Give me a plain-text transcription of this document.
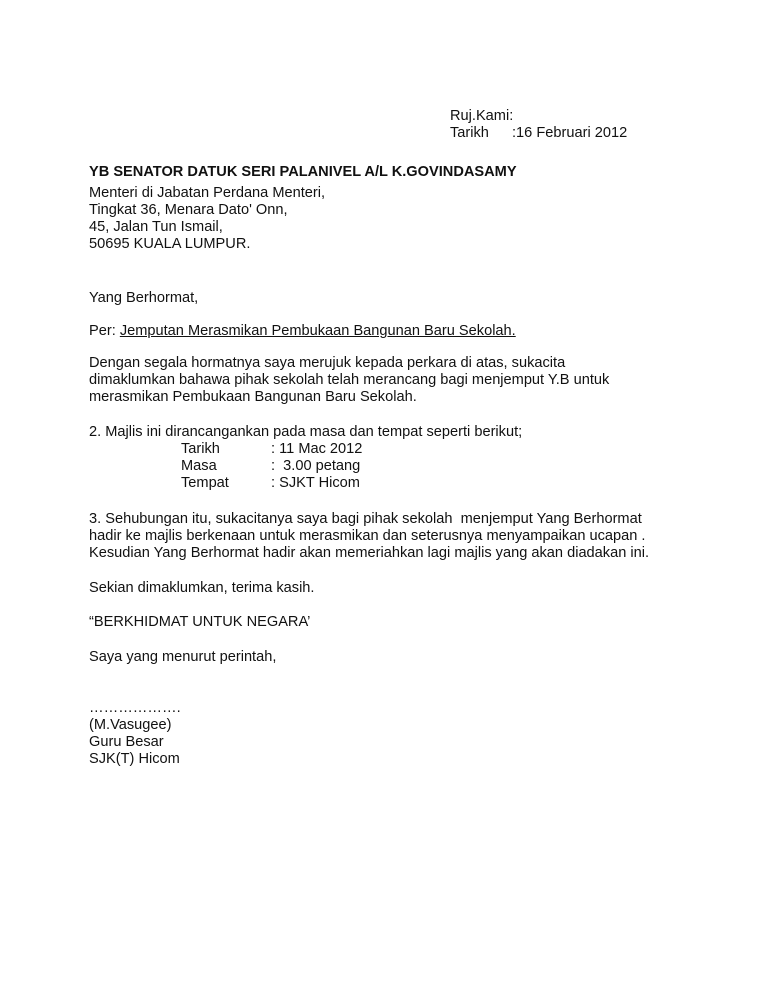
Ruj.Kami:
Tarikh :16 Februari 2012
YB SENATOR DATUK SERI PALANIVEL A/L K.GOVINDASAMY
Menteri di Jabatan Perdana Menteri,
Tingkat 36, Menara Dato' Onn,
45, Jalan Tun Ismail,
50695 KUALA LUMPUR.
Yang Berhormat,
Per: Jemputan Merasmikan Pembukaan Bangunan Baru Sekolah.
Dengan segala hormatnya saya merujuk kepada perkara di atas, sukacita
dimaklumkan bahawa pihak sekolah telah merancang bagi menjemput Y.B untuk
merasmikan Pembukaan Bangunan Baru Sekolah.
2. Majlis ini dirancangankan pada masa dan tempat seperti berikut;
Tarikh	: 11 Mac 2012
Masa	:  3.00 petang
Tempat	: SJKT Hicom
3. Sehubungan itu, sukacitanya saya bagi pihak sekolah  menjemput Yang Berhormat
hadir ke majlis berkenaan untuk merasmikan dan seterusnya menyampaikan ucapan .
Kesudian Yang Berhormat hadir akan memeriahkan lagi majlis yang akan diadakan ini.
Sekian dimaklumkan, terima kasih.
“BERKHIDMAT UNTUK NEGARA’
Saya yang menurut perintah,
……………….
(M.Vasugee)
Guru Besar
SJK(T) Hicom
